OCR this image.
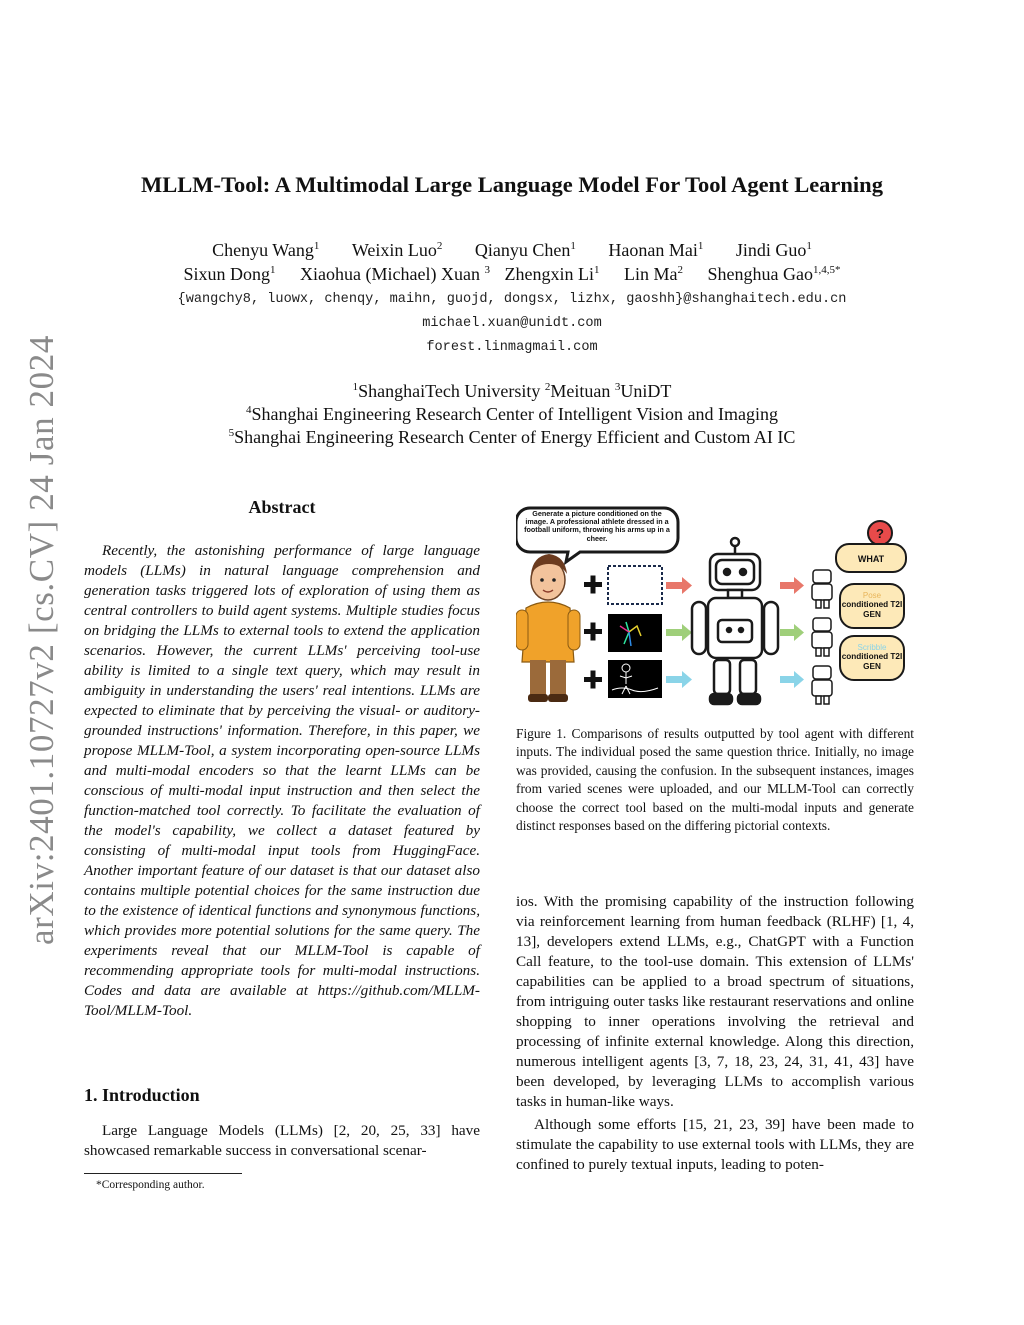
arXiv:2401.10727v2 [cs.CV] 24 Jan 2024
MLLM-Tool: A Multimodal Large Language Model For Tool Agent Learning
Chenyu Wang$^1$ Weixin Luo$^2$ Qianyu Chen$^1$ Haonan Mai$^1$ Jindi Guo$^1$
Sixun Dong$^1$ Xiaohua (Michael) Xuan $^3$ Zhengxin Li$^1$ Lin Ma$^2$ Shenghua Gao$^{1,4,5*}$
{wangchy8, luowx, chenqy, maihn, guojd, dongsx, lizhx, gaoshh}@shanghaitech.edu.cn
michael.xuan@unidt.com
forest.linmagmail.com
$^1$ShanghaiTech University $^2$Meituan $^3$UniDT
$^4$Shanghai Engineering Research Center of Intelligent Vision and Imaging
$^5$Shanghai Engineering Research Center of Energy Efficient and Custom AI IC
Abstract
Recently, the astonishing performance of large language models (LLMs) in natural language comprehension and generation tasks triggered lots of exploration of using them as central controllers to build agent systems. Multiple studies focus on bridging the LLMs to external tools to extend the application scenarios. However, the current LLMs' perceiving tool-use ability is limited to a single text query, which may result in ambiguity in understanding the users' real intentions. LLMs are expected to eliminate that by perceiving the visual- or auditory-grounded instructions' information. Therefore, in this paper, we propose MLLM-Tool, a system incorporating open-source LLMs and multi-modal encoders so that the learnt LLMs can be conscious of multi-modal input instruction and then select the function-matched tool correctly. To facilitate the evaluation of the model's capability, we collect a dataset featured by consisting of multi-modal input tools from HuggingFace. Another important feature of our dataset is that our dataset also contains multiple potential choices for the same instruction due to the existence of identical functions and synonymous functions, which provides more potential solutions for the same query. The experiments reveal that our MLLM-Tool is capable of recommending appropriate tools for multi-modal instructions. Codes and data are available at https://github.com/MLLM-Tool/MLLM-Tool.
1. Introduction
Large Language Models (LLMs) [2, 20, 25, 33] have showcased remarkable success in conversational scenar-
*Corresponding author.
Generate a picture conditioned on the image. A professional athlete dressed in a football uniform, throwing his arms up in a cheer.	?
WHAT
Pose
conditioned T2I GEN
Scribble
conditioned T2I GEN
Figure 1. Comparisons of results outputted by tool agent with different inputs. The individual posed the same question thrice. Initially, no image was provided, causing the confusion. In the subsequent instances, images from varied scenes were uploaded, and our MLLM-Tool can correctly choose the correct tool based on the multi-modal inputs and generate distinct responses based on the differing pictorial contexts.

ios. With the promising capability of the instruction following via reinforcement learning from human feedback (RLHF) [1, 4, 13], developers extend LLMs, e.g., ChatGPT with a Function Call feature, to the tool-use domain. This extension of LLMs' capabilities can be applied to a broad spectrum of situations, from intriguing outer tasks like restaurant reservations and online shopping to inner operations involving the retrieval and processing of infinite external knowledge. Along this direction, numerous intelligent agents [3, 7, 18, 23, 24, 31, 41, 43] have been developed, by leveraging LLMs to accomplish various tasks in human-like ways.

Although some efforts [15, 21, 23, 39] have been made to stimulate the capability to use external tools with LLMs, they are confined to purely textual inputs, leading to poten-
